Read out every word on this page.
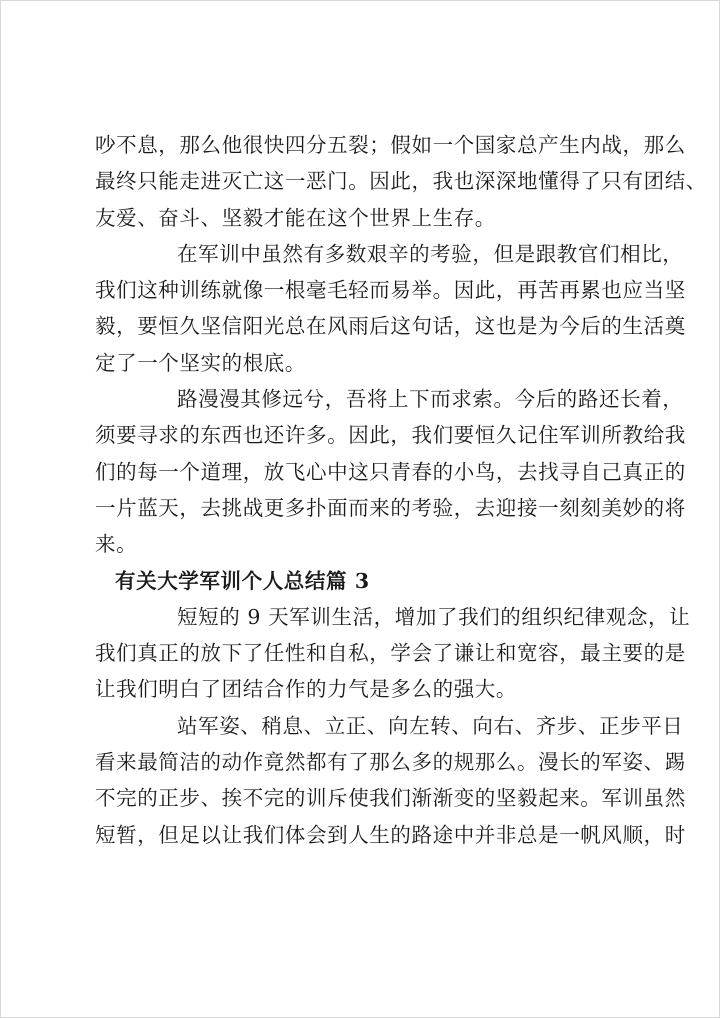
吵不息，那么他很快四分五裂；假如一个国家总产生内战，那么
最终只能走进灭亡这一恶门。因此，我也深深地懂得了只有团结、
友爱、奋斗、坚毅才能在这个世界上生存。

在军训中虽然有多数艰辛的考验，但是跟教官们相比，
我们这种训练就像一根毫毛轻而易举。因此，再苦再累也应当坚
毅，要恒久坚信阳光总在风雨后这句话，这也是为今后的生活奠
定了一个坚实的根底。

路漫漫其修远兮，吾将上下而求索。今后的路还长着，
须要寻求的东西也还许多。因此，我们要恒久记住军训所教给我
们的每一个道理，放飞心中这只青春的小鸟，去找寻自己真正的
一片蓝天，去挑战更多扑面而来的考验，去迎接一刻刻美妙的将
来。

有关大学军训个人总结篇 3

短短的 9 天军训生活，增加了我们的组织纪律观念，让
我们真正的放下了任性和自私，学会了谦让和宽容，最主要的是
让我们明白了团结合作的力气是多么的强大。

站军姿、稍息、立正、向左转、向右、齐步、正步平日
看来最简洁的动作竟然都有了那么多的规那么。漫长的军姿、踢
不完的正步、挨不完的训斥使我们渐渐变的坚毅起来。军训虽然
短暂，但足以让我们体会到人生的路途中并非总是一帆风顺，时
